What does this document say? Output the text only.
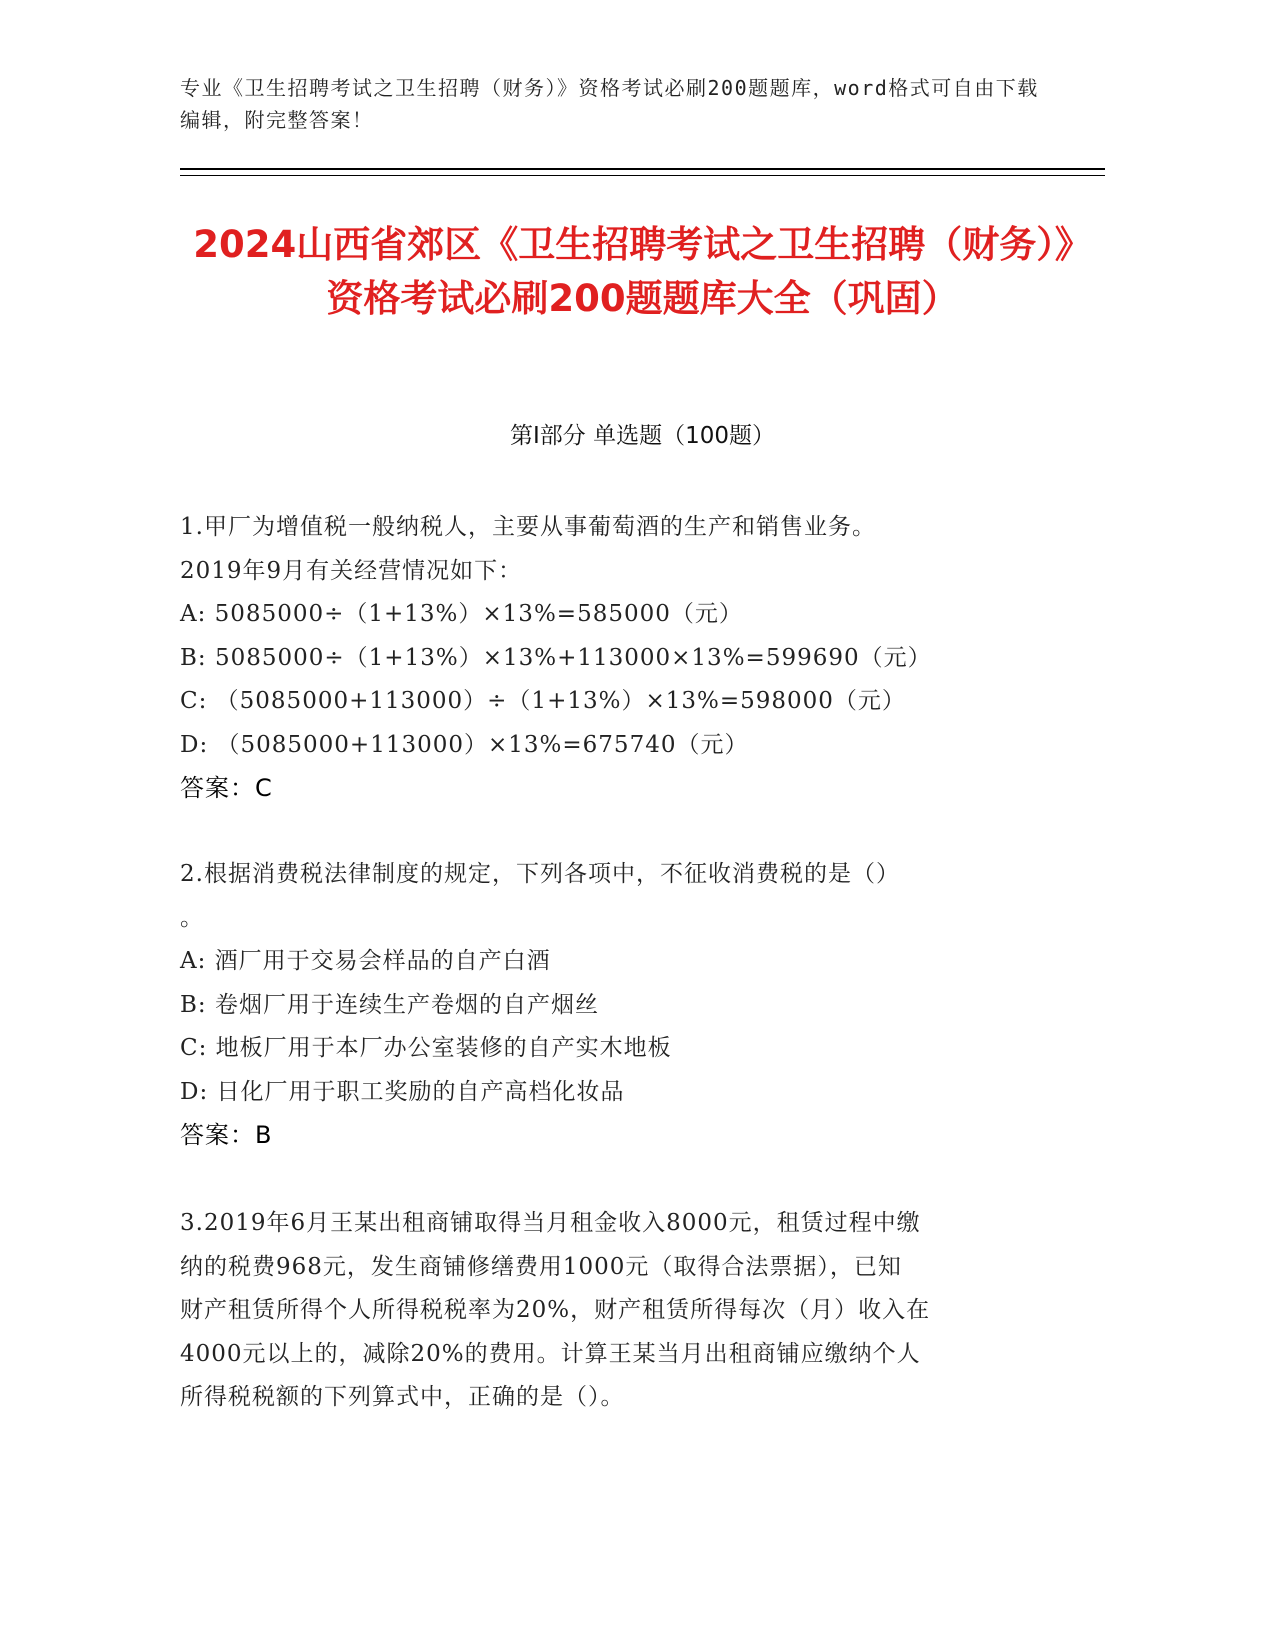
专业《卫生招聘考试之卫生招聘（财务）》资格考试必刷200题题库，word格式可自由下载编辑，附完整答案！
2024山西省郊区《卫生招聘考试之卫生招聘（财务）》资格考试必刷200题题库大全（巩固）
第I部分 单选题（100题）
1.甲厂为增值税一般纳税人，主要从事葡萄酒的生产和销售业务。
2019年9月有关经营情况如下：
A: 5085000÷（1+13%）×13%=585000（元）
B: 5085000÷（1+13%）×13%+113000×13%=599690（元）
C: （5085000+113000）÷（1+13%）×13%=598000（元）
D: （5085000+113000）×13%=675740（元）
答案：C
2.根据消费税法律制度的规定，下列各项中，不征收消费税的是（）
。
A: 酒厂用于交易会样品的自产白酒
B: 卷烟厂用于连续生产卷烟的自产烟丝
C: 地板厂用于本厂办公室装修的自产实木地板
D: 日化厂用于职工奖励的自产高档化妆品
答案：B
3.2019年6月王某出租商铺取得当月租金收入8000元，租赁过程中缴
纳的税费968元，发生商铺修缮费用1000元（取得合法票据），已知
财产租赁所得个人所得税税率为20%，财产租赁所得每次（月）收入在
4000元以上的，减除20%的费用。计算王某当月出租商铺应缴纳个人
所得税税额的下列算式中，正确的是（）。
